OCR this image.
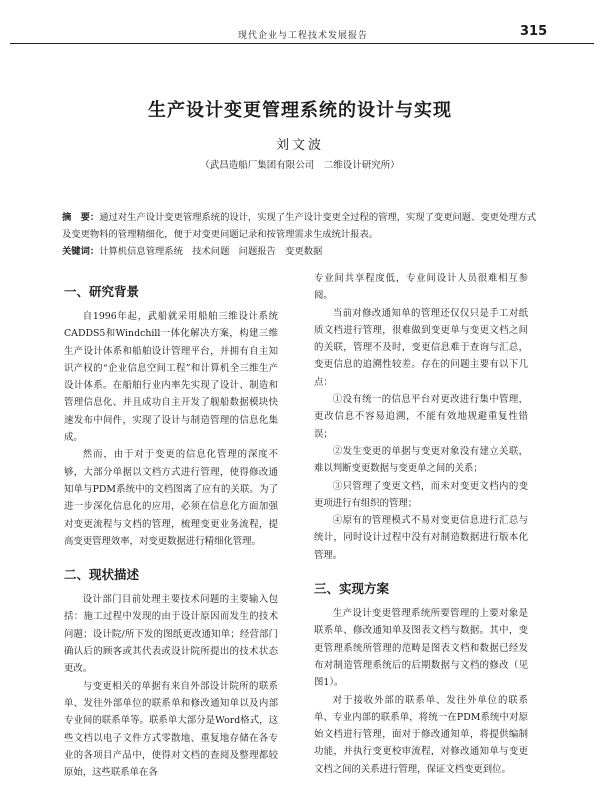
现代企业与工程技术发展报告	315
生产设计变更管理系统的设计与实现
刘文波
（武昌造船厂集团有限公司　二维设计研究所）
摘　要：通过对生产设计变更管理系统的设计，实现了生产设计变更全过程的管理，实现了变更问题、变更处理方式及变更物料的管理精细化，便于对变更问题记录和按管理需求生成统计报表。
关键词：计算机信息管理系统　技术问题　问题报告　变更数据
一、研究背景

自1996年起，武船就采用船舶三维设计系统CADDS5和Windchill一体化解决方案，构建三维生产设计体系和船舶设计管理平台，并拥有自主知识产权的“企业信息空间工程”和计算机全三维生产设计体系。在船舶行业内率先实现了设计、制造和管理信息化、并且成功自主开发了舰船数据模块快速发布中间件，实现了设计与制造管理的信息化集成。

然而，由于对于变更的信息化管理的深度不够，大部分单据以文档方式进行管理，使得修改通知单与PDM系统中的文档图离了应有的关联。为了进一步深化信息化的应用，必须在信息化方面加强对变更流程与文档的管理，梳理变更业务流程，提高变更管理效率，对变更数据进行精细化管理。

二、现状描述

设计部门目前处理主要技术问题的主要输入包括：施工过程中发现的由于设计原因而发生的技术问题；设计院/所下发的图纸更改通知单；经营部门确认后的顾客或其代表或设计院所提出的技术状态更改。

与变更相关的单据有来自外部设计院所的联系单、发往外部单位的联系单和修改通知单以及内部专业间的联系单等。联系单大部分是Word格式，这些文档以电子文件方式零散地、重复地存储在各专业的各项目产品中，使得对文档的查阅及整理都较原始，这些联系单在各

专业间共享程度低，专业间设计人员很难相互参阅。

当前对修改通知单的管理还仅仅只是手工对纸质文档进行管理，很难做到变更单与变更文档之间的关联，管理不及时，变更信息难于查询与汇总，变更信息的追溯性较差。存在的问题主要有以下几点：

①没有统一的信息平台对更改进行集中管理，更改信息不容易追溯，不能有效地规避重复性错误；

②发生变更的单据与变更对象没有建立关联，难以判断变更数据与变更单之间的关系；

③只管理了变更文档，而未对变更文档内的变更项进行有组织的管理；

④原有的管理模式不易对变更信息进行汇总与统计，同时设计过程中没有对制造数据进行版本化管理。

三、实现方案

生产设计变更管理系统所要管理的上要对象是联系单、修改通知单及图表文档与数据。其中，变更管理系统所管理的范畴是图表文档和数据已经发布对制造管理系统后的后期数据与文档的修改（见图1）。

对于接收外部的联系单、发往外单位的联系单、专业内部的联系单，将统一在PDM系统中对原始文档进行管理，面对于修改通知单，将提供编制功能，并执行变更校审流程，对修改通知单与变更文档之间的关系进行管理，保证文档变更到位。
